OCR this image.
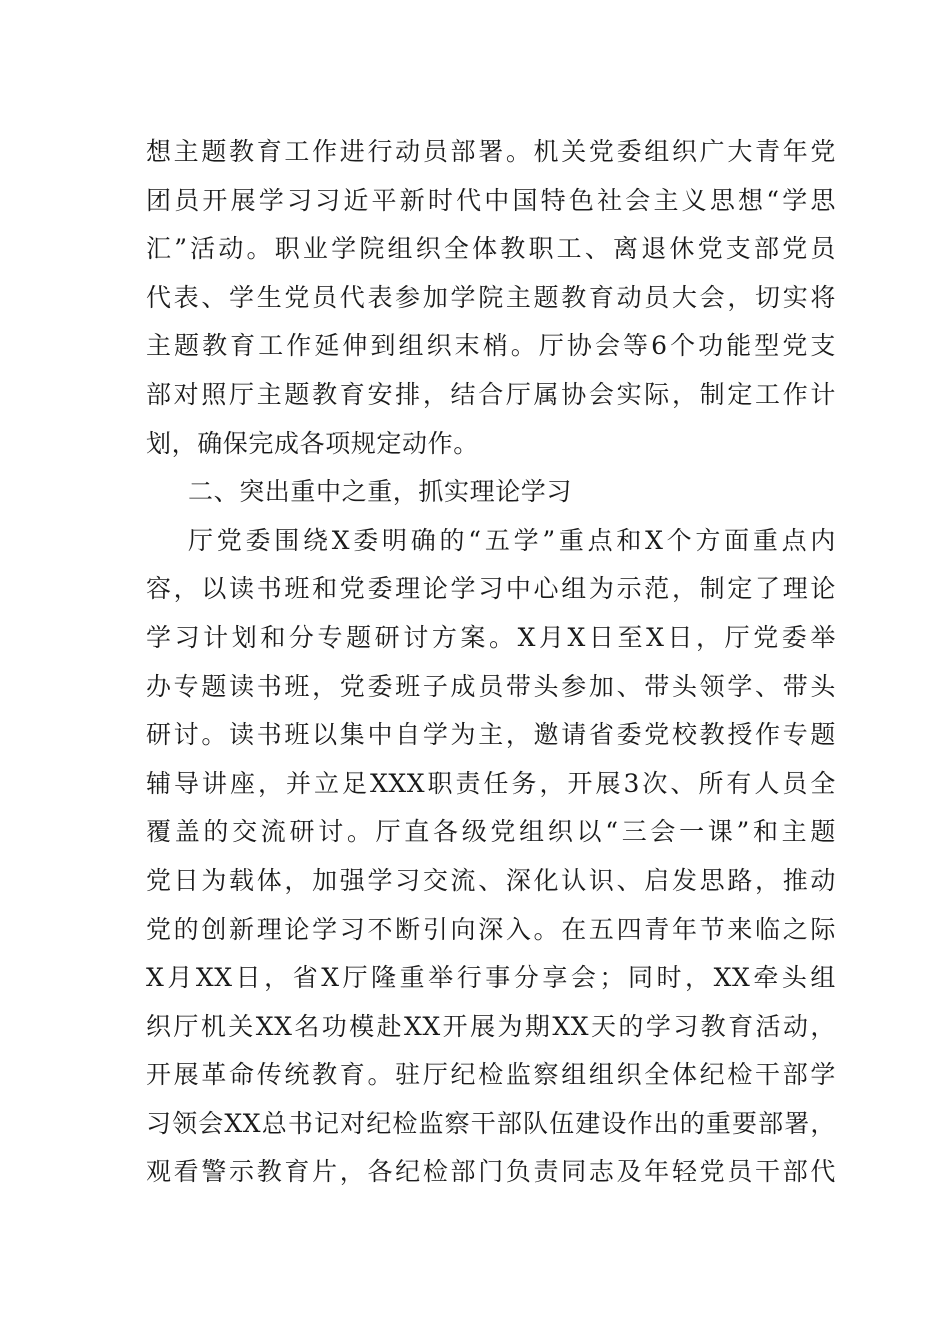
想主题教育工作进行动员部署。机关党委组织广大青年党
团员开展学习习近平新时代中国特色社会主义思想“学思
汇”活动。职业学院组织全体教职工、离退休党支部党员
代表、学生党员代表参加学院主题教育动员大会，切实将
主题教育工作延伸到组织末梢。厅协会等6个功能型党支
部对照厅主题教育安排，结合厅属协会实际，制定工作计
划，确保完成各项规定动作。
二、突出重中之重，抓实理论学习
厅党委围绕X委明确的“五学”重点和X个方面重点内
容，以读书班和党委理论学习中心组为示范，制定了理论
学习计划和分专题研讨方案。X月X日至X日，厅党委举
办专题读书班，党委班子成员带头参加、带头领学、带头
研讨。读书班以集中自学为主，邀请省委党校教授作专题
辅导讲座，并立足XXX职责任务，开展3次、所有人员全
覆盖的交流研讨。厅直各级党组织以“三会一课”和主题
党日为载体，加强学习交流、深化认识、启发思路，推动
党的创新理论学习不断引向深入。在五四青年节来临之际
X月XX日，省X厅隆重举行事分享会；同时，XX牵头组
织厅机关XX名功模赴XX开展为期XX天的学习教育活动，
开展革命传统教育。驻厅纪检监察组组织全体纪检干部学
习领会XX总书记对纪检监察干部队伍建设作出的重要部署，
观看警示教育片，各纪检部门负责同志及年轻党员干部代
